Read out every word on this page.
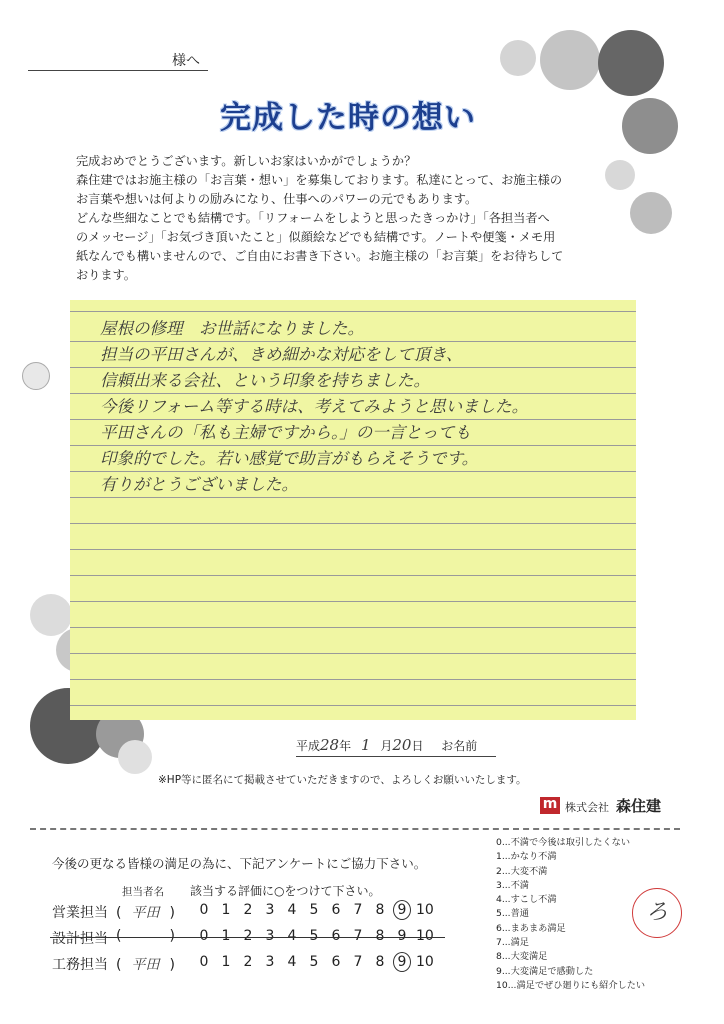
様へ
完成した時の想い
完成おめでとうございます。新しいお家はいかがでしょうか？
森住建ではお施主様の「お言葉・想い」を募集しております。私達にとって、お施主様の
お言葉や想いは何よりの励みになり、仕事へのパワーの元でもあります。
どんな些細なことでも結構です。「リフォームをしようと思ったきっかけ」「各担当者へ
のメッセージ」「お気づき頂いたこと」似顔絵などでも結構です。ノートや便箋・メモ用
紙なんでも構いませんので、ご自由にお書き下さい。お施主様の「お言葉」をお待ちして
おります。
屋根の修理　お世話になりました。
担当の平田さんが、きめ細かな対応をして頂き、
信頼出来る会社、という印象を持ちました。
今後リフォーム等する時は、考えてみようと思いました。
平田さんの「私も主婦ですから。」の一言とっても
印象的でした。若い感覚で助言がもらえそうです。
有りがとうございました。
平成28年 1 月20日 お名前
※HP等に匿名にて掲載させていただきますので、よろしくお願いいたします。
m 株式会社 森住建
今後の更なる皆様の満足の為に、下記アンケートにご協力下さい。
担当者名 該当する評価に○をつけて下さい。
営業担当 ( 平田 )	0 1 2 3 4 5 6 7 8 9 10
設計担当 (	)	0 1 2 3 4 5 6 7 8 9 10
工務担当 ( 平田 )	0 1 2 3 4 5 6 7 8 9 10
ろ
0...不満で今後は取引したくない
1...かなり不満
2...大変不満
3...不満
4...すこし不満
5...普通
6...まあまあ満足
7...満足
8...大変満足
9...大変満足で感動した
10...満足でぜひ廻りにも紹介したい
